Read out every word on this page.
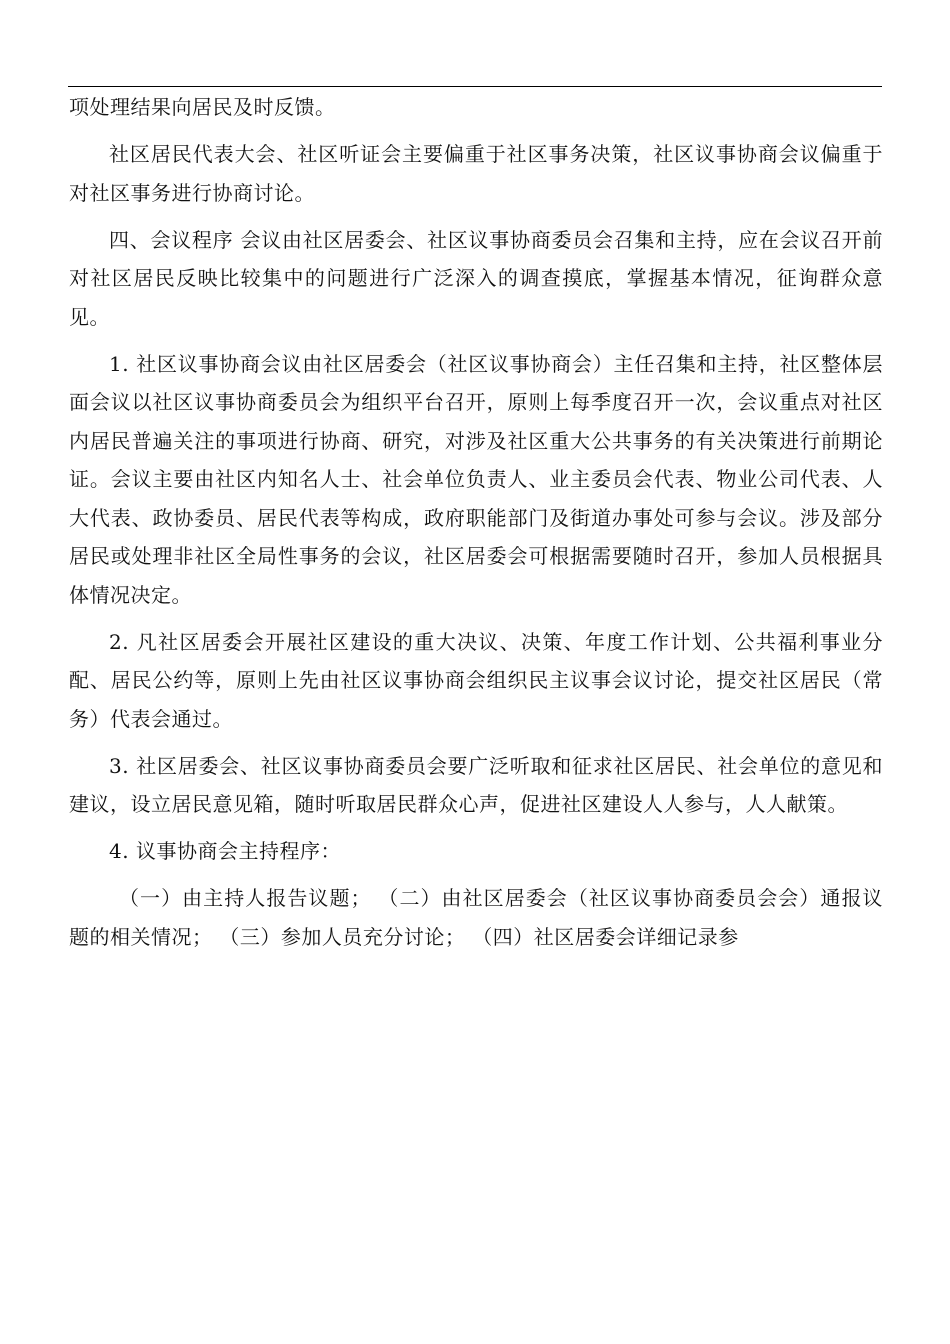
项处理结果向居民及时反馈。

社区居民代表大会、社区听证会主要偏重于社区事务决策，社区议事协商会议偏重于对社区事务进行协商讨论。

四、会议程序 会议由社区居委会、社区议事协商委员会召集和主持，应在会议召开前对社区居民反映比较集中的问题进行广泛深入的调查摸底，掌握基本情况，征询群众意见。

1. 社区议事协商会议由社区居委会（社区议事协商会）主任召集和主持，社区整体层面会议以社区议事协商委员会为组织平台召开，原则上每季度召开一次，会议重点对社区内居民普遍关注的事项进行协商、研究，对涉及社区重大公共事务的有关决策进行前期论证。会议主要由社区内知名人士、社会单位负责人、业主委员会代表、物业公司代表、人大代表、政协委员、居民代表等构成，政府职能部门及街道办事处可参与会议。涉及部分居民或处理非社区全局性事务的会议，社区居委会可根据需要随时召开，参加人员根据具体情况决定。

2. 凡社区居委会开展社区建设的重大决议、决策、年度工作计划、公共福利事业分配、居民公约等，原则上先由社区议事协商会组织民主议事会议讨论，提交社区居民（常务）代表会通过。

3. 社区居委会、社区议事协商委员会要广泛听取和征求社区居民、社会单位的意见和建议，设立居民意见箱，随时听取居民群众心声，促进社区建设人人参与，人人献策。

4. 议事协商会主持程序：

（一）由主持人报告议题； （二）由社区居委会（社区议事协商委员会会）通报议题的相关情况； （三）参加人员充分讨论； （四）社区居委会详细记录参
